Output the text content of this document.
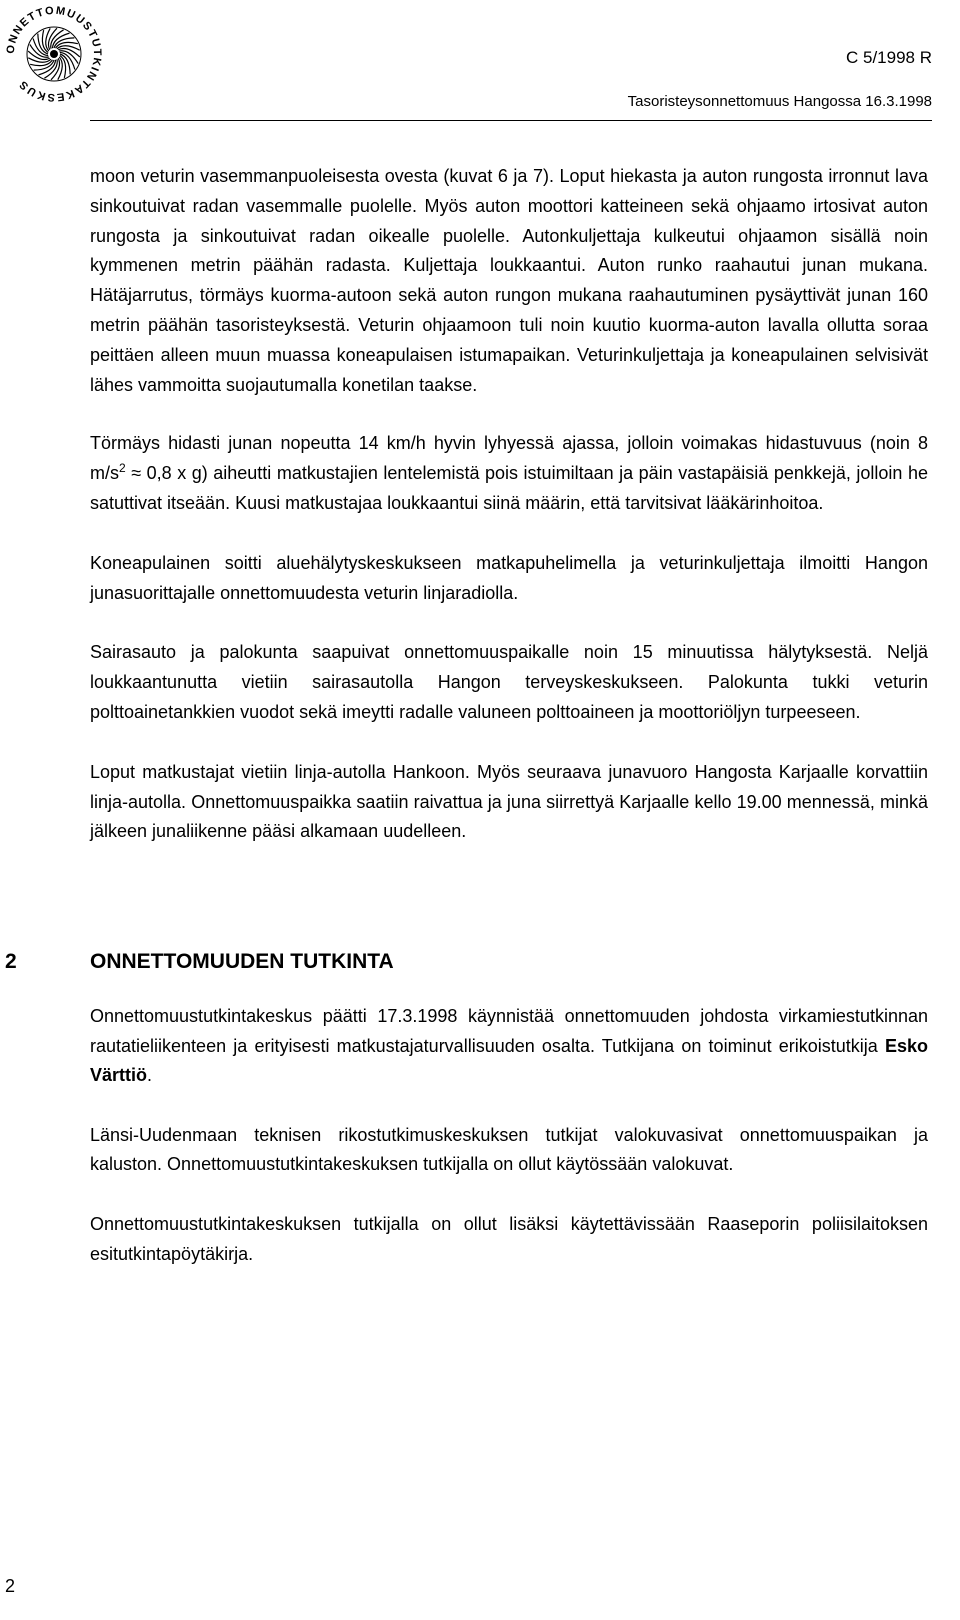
ONNETTOMUUSTUTKINTAKESKUS
C 5/1998 R
Tasoristeysonnettomuus Hangossa 16.3.1998

moon veturin vasemmanpuoleisesta ovesta (kuvat 6 ja 7). Loput hiekasta ja auton rungosta irronnut lava sinkoutuivat radan vasemmalle puolelle. Myös auton moottori katteineen sekä ohjaamo irtosivat auton rungosta ja sinkoutuivat radan oikealle puolelle. Autonkuljettaja kulkeutui ohjaamon sisällä noin kymmenen metrin päähän radasta. Kuljettaja loukkaantui. Auton runko raahautui junan mukana. Hätäjarrutus, törmäys kuorma-autoon sekä auton rungon mukana raahautuminen pysäyttivät junan 160 metrin päähän tasoristeyksestä. Veturin ohjaamoon tuli noin kuutio kuorma-auton lavalla ollutta soraa peittäen alleen muun muassa koneapulaisen istumapaikan. Veturinkuljettaja ja koneapulainen selvisivät lähes vammoitta suojautumalla konetilan taakse.

Törmäys hidasti junan nopeutta 14 km/h hyvin lyhyessä ajassa, jolloin voimakas hidastuvuus (noin 8 $m/s^2 \approx 0,8$ x g) aiheutti matkustajien lentelemistä pois istuimiltaan ja päin vastapäisiä penkkejä, jolloin he satuttivat itseään. Kuusi matkustajaa loukkaantui siinä määrin, että tarvitsivat lääkärinhoitoa.

Koneapulainen soitti aluehälytyskeskukseen matkapuhelimella ja veturinkuljettaja ilmoitti Hangon junasuorittajalle onnettomuudesta veturin linjaradiolla.

Sairasauto ja palokunta saapuivat onnettomuuspaikalle noin 15 minuutissa hälytyksestä. Neljä loukkaantunutta vietiin sairasautolla Hangon terveyskeskukseen. Palokunta tukki veturin polttoainetankkien vuodot sekä imeytti radalle valuneen polttoaineen ja moottoriöljyn turpeeseen.

Loput matkustajat vietiin linja-autolla Hankoon. Myös seuraava junavuoro Hangosta Karjaalle korvattiin linja-autolla. Onnettomuuspaikka saatiin raivattua ja juna siirrettyä Karjaalle kello 19.00 mennessä, minkä jälkeen junaliikenne pääsi alkamaan uudelleen.

2	ONNETTOMUUDEN TUTKINTA

Onnettomuustutkintakeskus päätti 17.3.1998 käynnistää onnettomuuden johdosta virkamiestutkinnan rautatieliikenteen ja erityisesti matkustajaturvallisuuden osalta. Tutkijana on toiminut erikoistutkija Esko Värttiö.

Länsi-Uudenmaan teknisen rikostutkimuskeskuksen tutkijat valokuvasivat onnettomuuspaikan ja kaluston. Onnettomuustutkintakeskuksen tutkijalla on ollut käytössään valokuvat.

Onnettomuustutkintakeskuksen tutkijalla on ollut lisäksi käytettävissään Raaseporin poliisilaitoksen esitutkintapöytäkirja.

2
